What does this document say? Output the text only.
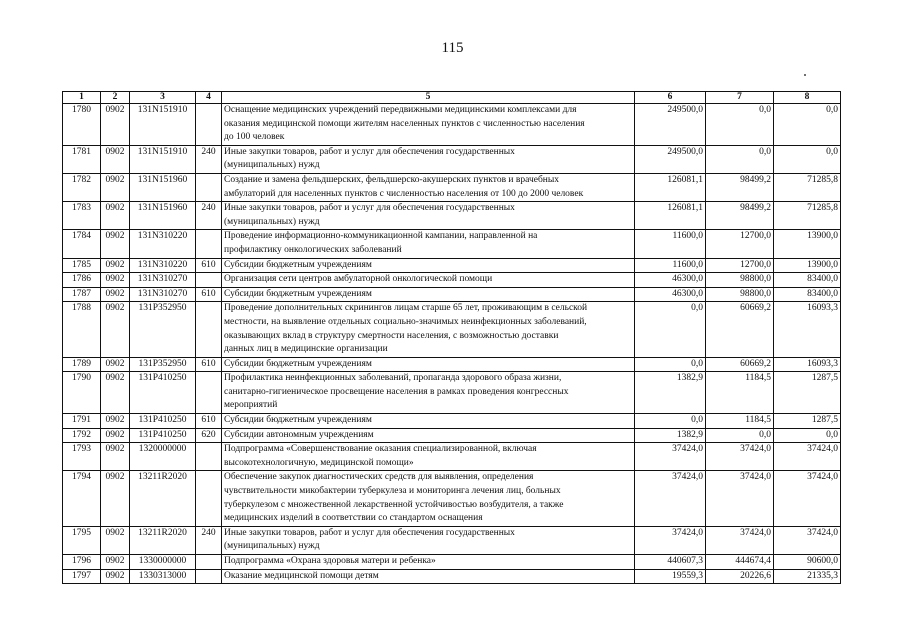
115
1	2	3	4	5	6	7	8
1780	0902	131N151910		Оснащение медицинских учреждений передвижными медицинскими комплексами для
оказания медицинской помощи жителям населенных пунктов с численностью населения
до 100 человек	249500,0	0,0	0,0
1781	0902	131N151910	240	Иные закупки товаров, работ и услуг для обеспечения государственных
(муниципальных) нужд	249500,0	0,0	0,0
1782	0902	131N151960		Создание и замена фельдшерских, фельдшерско-акушерских пунктов и врачебных
амбулаторий для населенных пунктов с численностью населения от 100 до 2000 человек	126081,1	98499,2	71285,8
1783	0902	131N151960	240	Иные закупки товаров, работ и услуг для обеспечения государственных
(муниципальных) нужд	126081,1	98499,2	71285,8
1784	0902	131N310220		Проведение информационно-коммуникационной кампании, направленной на
профилактику онкологических заболеваний	11600,0	12700,0	13900,0
1785	0902	131N310220	610	Субсидии бюджетным учреждениям	11600,0	12700,0	13900,0
1786	0902	131N310270		Организация сети центров амбулаторной онкологической помощи	46300,0	98800,0	83400,0
1787	0902	131N310270	610	Субсидии бюджетным учреждениям	46300,0	98800,0	83400,0
1788	0902	131P352950		Проведение дополнительных скринингов лицам старше 65 лет, проживающим в сельской
местности, на выявление отдельных социально-значимых неинфекционных заболеваний,
оказывающих вклад в структуру смертности населения, с возможностью доставки
данных лиц в медицинские организации	0,0	60669,2	16093,3
1789	0902	131P352950	610	Субсидии бюджетным учреждениям	0,0	60669,2	16093,3
1790	0902	131P410250		Профилактика неинфекционных заболеваний, пропаганда здорового образа жизни,
санитарно-гигиеническое просвещение населения в рамках проведения конгрессных
мероприятий	1382,9	1184,5	1287,5
1791	0902	131P410250	610	Субсидии бюджетным учреждениям	0,0	1184,5	1287,5
1792	0902	131P410250	620	Субсидии автономным учреждениям	1382,9	0,0	0,0
1793	0902	1320000000		Подпрограмма «Совершенствование оказания специализированной, включая
высокотехнологичную, медицинской помощи»	37424,0	37424,0	37424,0
1794	0902	13211R2020		Обеспечение закупок диагностических средств для выявления, определения
чувствительности микобактерии туберкулеза и мониторинга лечения лиц, больных
туберкулезом с множественной лекарственной устойчивостью возбудителя, а также
медицинских изделий в соответствии со стандартом оснащения	37424,0	37424,0	37424,0
1795	0902	13211R2020	240	Иные закупки товаров, работ и услуг для обеспечения государственных
(муниципальных) нужд	37424,0	37424,0	37424,0
1796	0902	1330000000		Подпрограмма «Охрана здоровья матери и ребенка»	440607,3	444674,4	90600,0
1797	0902	1330313000		Оказание медицинской помощи детям	19559,3	20226,6	21335,3
